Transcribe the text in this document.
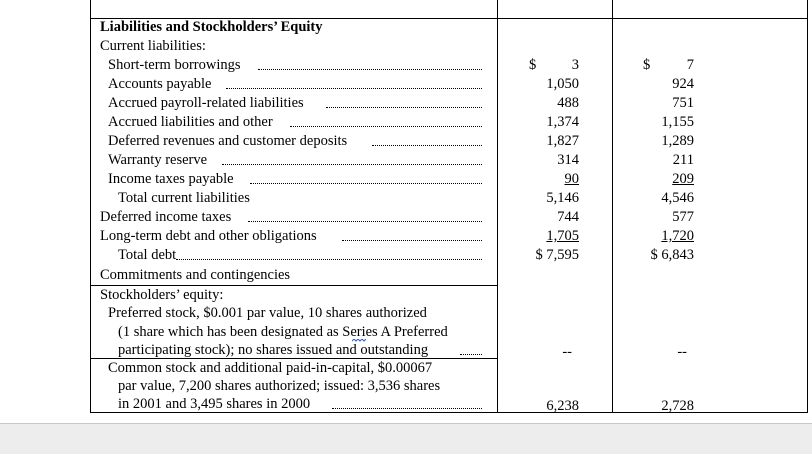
Liabilities and Stockholders’ Equity
Current liabilities:
Short-term borrowings
Accounts payable
Accrued payroll-related liabilities
Accrued liabilities and other
Deferred revenues and customer deposits
Warranty reserve
Income taxes payable
Total current liabilities
Deferred income taxes
Long-term debt and other obligations
Total debt
Commitments and contingencies
Stockholders’ equity:
Preferred stock, $0.001 par value, 10 shares authorized
(1 share which has been designated as Series A Preferred
participating stock); no shares issued and outstanding
Common stock and additional paid-in-capital, $0.00067
par value, 7,200 shares authorized; issued: 3,536 shares
in 2001 and 3,495 shares in 2000
$ 3
1,050
488
1,374
1,827
314
90
5,146
744
1,705
$ 7,595
--
6,238
$	7
924
751
1,155
1,289
211
209
4,546
577
1,720
$ 6,843
--
2,728
